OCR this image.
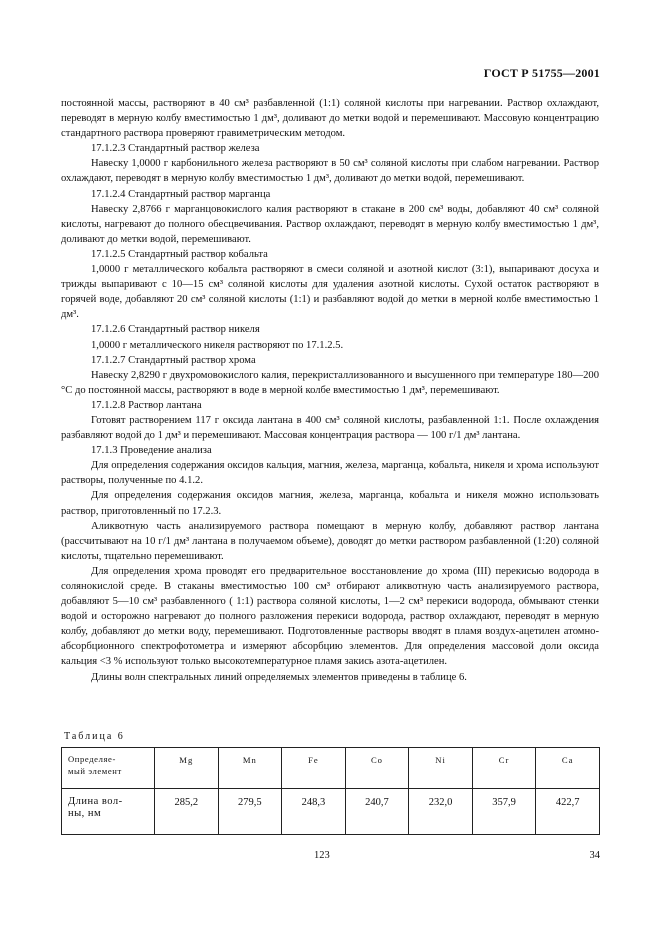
ГОСТ Р 51755—2001

постоянной массы, растворяют в 40 см³ разбавленной (1:1) соляной кислоты при нагревании. Раствор охлаждают, переводят в мерную колбу вместимостью 1 дм³, доливают до метки водой и перемешивают. Массовую концентрацию стандартного раствора проверяют гравиметрическим методом.

17.1.2.3 Стандартный раствор железа

Навеску 1,0000 г карбонильного железа растворяют в 50 см³ соляной кислоты при слабом нагревании. Раствор охлаждают, переводят в мерную колбу вместимостью 1 дм³, доливают до метки водой, перемешивают.

17.1.2.4 Стандартный раствор марганца

Навеску 2,8766 г марганцовокислого калия растворяют в стакане в 200 см³ воды, добавляют 40 см³ соляной кислоты, нагревают до полного обесцвечивания. Раствор охлаждают, переводят в мерную колбу вместимостью 1 дм³, доливают до метки водой, перемешивают.

17.1.2.5 Стандартный раствор кобальта

1,0000 г металлического кобальта растворяют в смеси соляной и азотной кислот (3:1), выпаривают досуха и трижды выпаривают с 10—15 см³ соляной кислоты для удаления азотной кислоты. Сухой остаток растворяют в горячей воде, добавляют 20 см³ соляной кислоты (1:1) и разбавляют водой до метки в мерной колбе вместимостью 1 дм³.

17.1.2.6 Стандартный раствор никеля

1,0000 г металлического никеля растворяют по 17.1.2.5.

17.1.2.7 Стандартный раствор хрома

Навеску 2,8290 г двухромовокислого калия, перекристаллизованного и высушенного при температуре 180—200 °С до постоянной массы, растворяют в воде в мерной колбе вместимостью 1 дм³, перемешивают.

17.1.2.8 Раствор лантана

Готовят растворением 117 г оксида лантана в 400 см³ соляной кислоты, разбавленной 1:1. После охлаждения разбавляют водой до 1 дм³ и перемешивают. Массовая концентрация раствора — 100 г/1 дм³ лантана.

17.1.3 Проведение анализа

Для определения содержания оксидов кальция, магния, железа, марганца, кобальта, никеля и хрома используют растворы, полученные по 4.1.2.

Для определения содержания оксидов магния, железа, марганца, кобальта и никеля можно использовать раствор, приготовленный по 17.2.3.

Аликвотную часть анализируемого раствора помещают в мерную колбу, добавляют раствор лантана (рассчитывают на 10 г/1 дм³ лантана в получаемом объеме), доводят до метки раствором разбавленной (1:20) соляной кислоты, тщательно перемешивают.

Для определения хрома проводят его предварительное восстановление до хрома (III) перекисью водорода в солянокислой среде. В стаканы вместимостью 100 см³ отбирают аликвотную часть анализируемого раствора, добавляют 5—10 см³ разбавленного ( 1:1) раствора соляной кислоты, 1—2 см³ перекиси водорода, обмывают стенки водой и осторожно нагревают до полного разложения перекиси водорода, раствор охлаждают, переводят в мерную колбу, добавляют до метки воду, перемешивают. Подготовленные растворы вводят в пламя воздух-ацетилен атомно-абсорбционного спектрофотометра и измеряют абсорбцию элементов. Для определения массовой доли оксида кальция <3 % используют только высокотемпературное пламя закись азота-ацетилен.

Длины волн спектральных линий определяемых элементов приведены в таблице 6.

Таблица 6
Определяе-
мый элемент	Mg	Mn	Fe	Co	Ni	Cr	Ca
Длина вол-
ны, нм	285,2	279,5	248,3	240,7	232,0	357,9	422,7
123	34
